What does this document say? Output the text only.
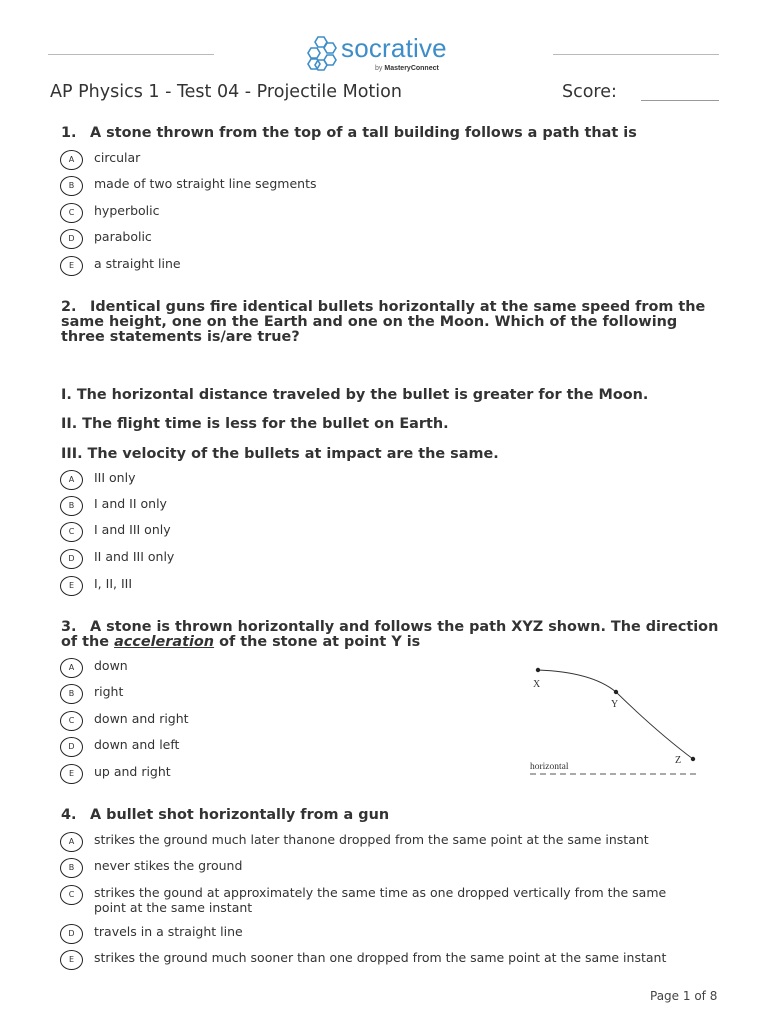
socrative
by MasteryConnect
AP Physics 1 - Test 04 - Projectile Motion	Score:
1. A stone thrown from the top of a tall building follows a path that is
A	circular
B	made of two straight line segments
C	hyperbolic
D	parabolic
E	a straight line
2. Identical guns fire identical bullets horizontally at the same speed from the same height, one on the Earth and one on the Moon. Which of the following three statements is/are true?
I. The horizontal distance traveled by the bullet is greater for the Moon.
II. The flight time is less for the bullet on Earth.
III. The velocity of the bullets at impact are the same.
A	III only
B	I and II only
C	I and III only
D	II and III only
E	I, II, III
3. A stone is thrown horizontally and follows the path XYZ shown. The direction of the acceleration of the stone at point Y is
A	down
B	right
C	down and right
D	down and left
E	up and right
X
Y
Z
horizontal
4. A bullet shot horizontally from a gun
A	strikes the ground much later thanone dropped from the same point at the same instant
B	never stikes the ground
C	strikes the gound at approximately the same time as one dropped vertically from the same point at the same instant
D	travels in a straight line
E	strikes the ground much sooner than one dropped from the same point at the same instant
Page 1 of 8
